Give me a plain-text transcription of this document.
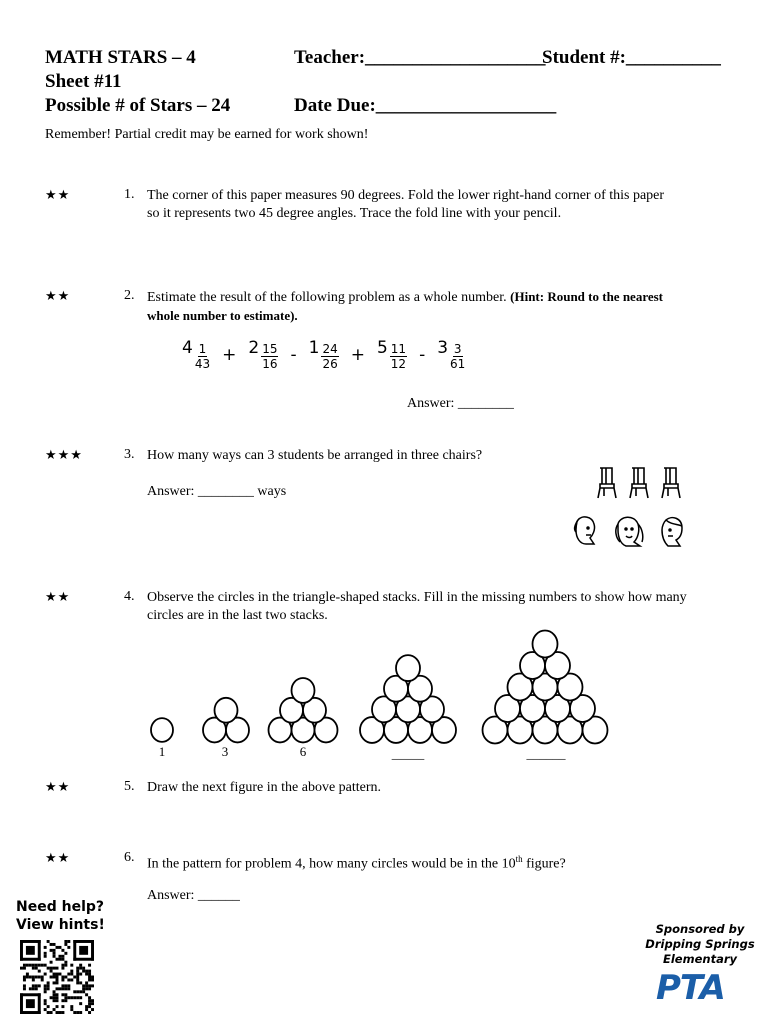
MATH STARS – 4
Sheet #11
Possible # of Stars – 24
Teacher:___________________
Student #:__________
Date Due:___________________
Remember! Partial credit may be earned for work shown!
★★	1. The corner of this paper measures 90 degrees. Fold the lower right-hand corner of this paper so it represents two 45 degree angles. Trace the fold line with your pencil.
★★	2. Estimate the result of the following problem as a whole number. (Hint: Round to the nearest whole number to estimate).
$4 \frac{1}{43} + 2 \frac{15}{16} - 1 \frac{24}{26} + 5 \frac{11}{12} - 3 \frac{3}{61}$
Answer: ________
★★★	3. How many ways can 3 students be arranged in three chairs?
Answer: ________ ways
★★	4. Observe the circles in the triangle-shaped stacks. Fill in the missing numbers to show how many circles are in the last two stacks.
1	3	6	_____	______
★★	5. Draw the next figure in the above pattern.
★★	6. In the pattern for problem 4, how many circles would be in the 10th figure?
Answer: ______
Need help?
View hints!	Sponsored by
Dripping Springs
Elementary
PTA
